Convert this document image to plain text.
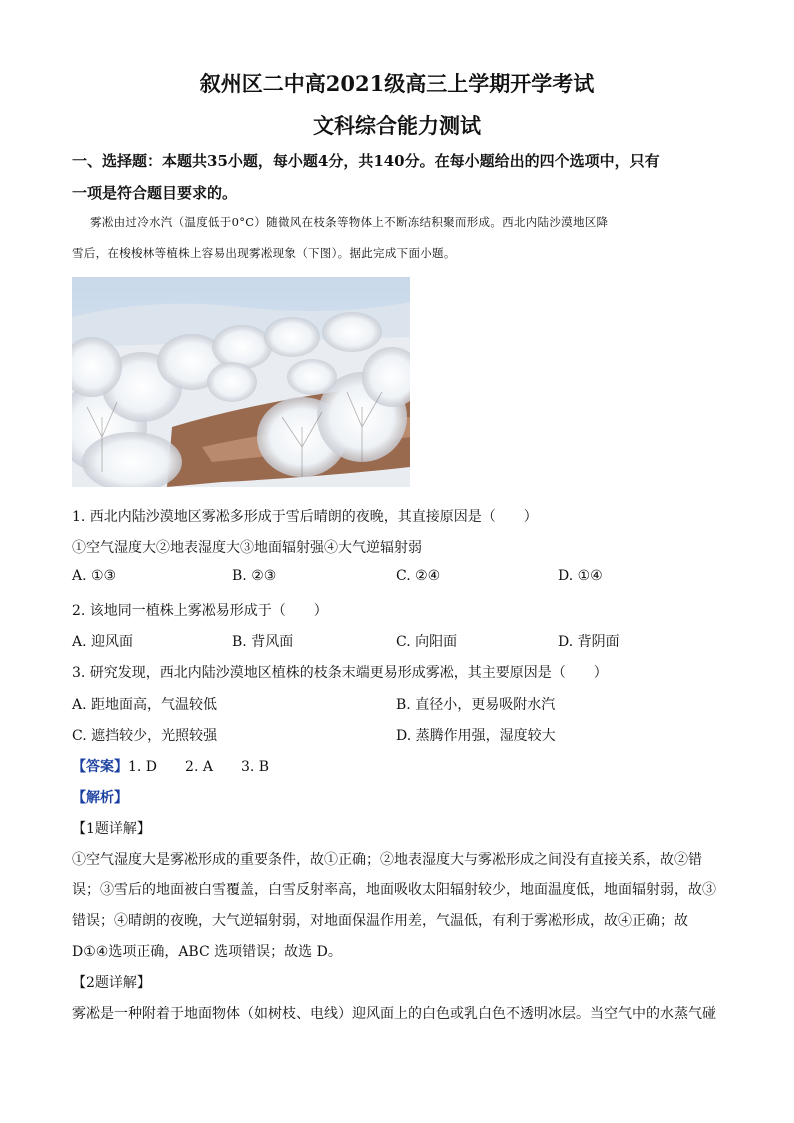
叙州区二中高2021级高三上学期开学考试
文科综合能力测试
一、选择题：本题共35小题，每小题4分，共140分。在每小题给出的四个选项中，只有
一项是符合题目要求的。
雾凇由过冷水汽（温度低于0°C）随微风在枝条等物体上不断冻结积聚而形成。西北内陆沙漠地区降
雪后，在梭梭林等植株上容易出现雾凇现象（下图）。据此完成下面小题。
1. 西北内陆沙漠地区雾凇多形成于雪后晴朗的夜晚，其直接原因是（　　）
①空气湿度大②地表湿度大③地面辐射强④大气逆辐射弱
A. ①③	B. ②③	C. ②④	D. ①④
2. 该地同一植株上雾凇易形成于（　　）
A. 迎风面	B. 背风面	C. 向阳面	D. 背阴面
3. 研究发现，西北内陆沙漠地区植株的枝条末端更易形成雾凇，其主要原因是（　　）
A. 距地面高，气温较低	B. 直径小，更易吸附水汽
C. 遮挡较少，光照较强	D. 蒸腾作用强，湿度较大
【答案】1. D　　2. A　　3. B
【解析】
【1题详解】
①空气湿度大是雾凇形成的重要条件，故①正确；②地表湿度大与雾凇形成之间没有直接关系，故②错
误；③雪后的地面被白雪覆盖，白雪反射率高，地面吸收太阳辐射较少，地面温度低，地面辐射弱，故③
错误；④晴朗的夜晚，大气逆辐射弱，对地面保温作用差，气温低，有利于雾凇形成，故④正确；故
D①④选项正确，ABC 选项错误；故选 D。
【2题详解】
雾凇是一种附着于地面物体（如树枝、电线）迎风面上的白色或乳白色不透明冰层。当空气中的水蒸气碰
